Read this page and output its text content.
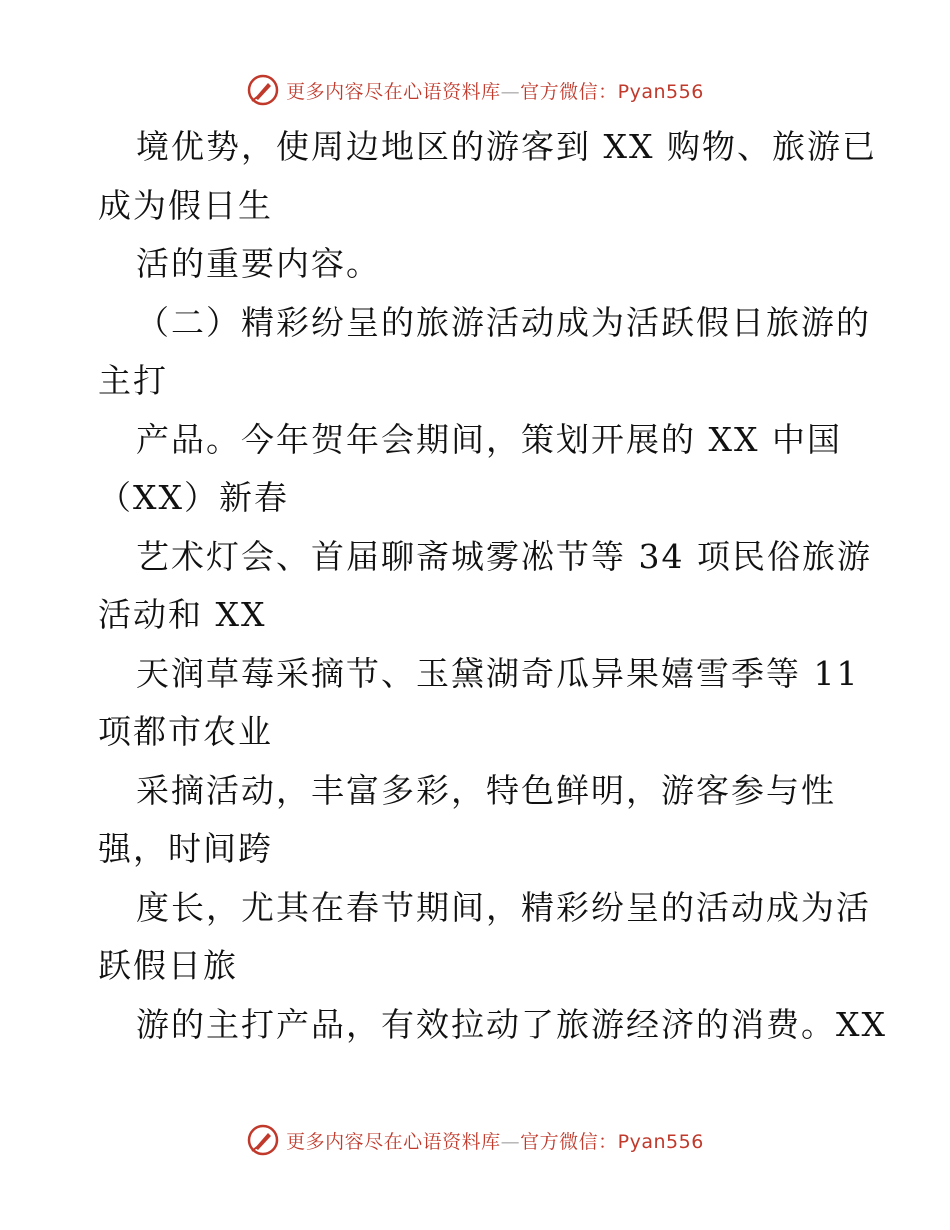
更多内容尽在心语资料库—官方微信：Pyan556
境优势，使周边地区的游客到 XX 购物、旅游已
成为假日生
活的重要内容。
（二）精彩纷呈的旅游活动成为活跃假日旅游的
主打
产品。今年贺年会期间，策划开展的 XX 中国
（XX）新春
艺术灯会、首届聊斋城雾凇节等 34 项民俗旅游
活动和 XX
天润草莓采摘节、玉黛湖奇瓜异果嬉雪季等 11
项都市农业
采摘活动，丰富多彩，特色鲜明，游客参与性
强，时间跨
度长，尤其在春节期间，精彩纷呈的活动成为活
跃假日旅
游的主打产品，有效拉动了旅游经济的消费。XX
更多内容尽在心语资料库—官方微信：Pyan556
